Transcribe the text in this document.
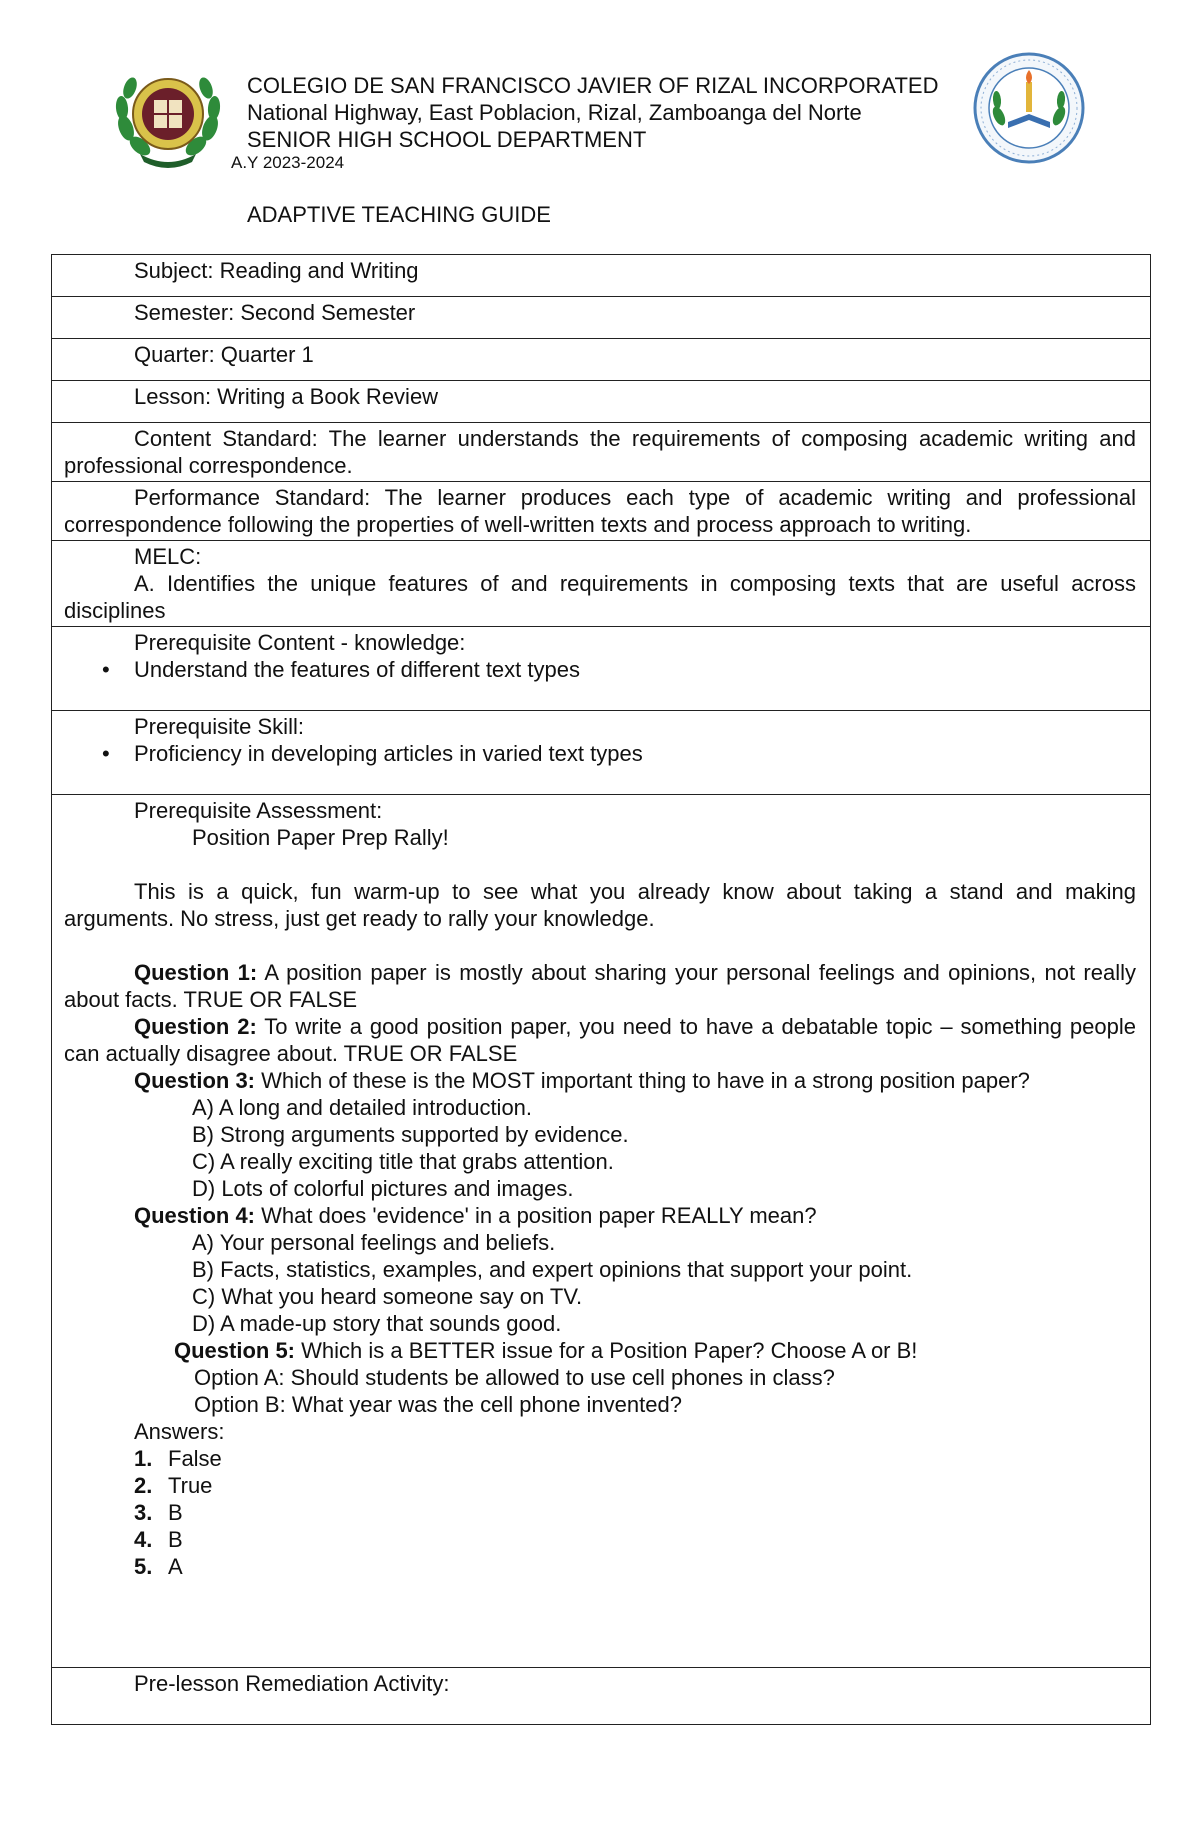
COLEGIO DE SAN FRANCISCO JAVIER OF RIZAL INCORPORATED
National Highway, East Poblacion, Rizal, Zamboanga del Norte
SENIOR HIGH SCHOOL DEPARTMENT
A.Y 2023-2024
ADAPTIVE TEACHING GUIDE
Subject: Reading and Writing

Semester: Second Semester

Quarter: Quarter 1

Lesson: Writing a Book Review

Content Standard: The learner understands the requirements of composing academic writing and professional correspondence.

Performance Standard: The learner produces each type of academic writing and professional correspondence following the properties of well-written texts and process approach to writing.

MELC:
A. Identifies the unique features of and requirements in composing texts that are useful across disciplines

Prerequisite Content - knowledge:
• Understand the features of different text types

Prerequisite Skill:
• Proficiency in developing articles in varied text types

Prerequisite Assessment:
Position Paper Prep Rally!
This is a quick, fun warm-up to see what you already know about taking a stand and making arguments. No stress, just get ready to rally your knowledge.
Question 1: A position paper is mostly about sharing your personal feelings and opinions, not really about facts. TRUE OR FALSE
Question 2: To write a good position paper, you need to have a debatable topic – something people can actually disagree about. TRUE OR FALSE
Question 3: Which of these is the MOST important thing to have in a strong position paper?
A) A long and detailed introduction.
B) Strong arguments supported by evidence.
C) A really exciting title that grabs attention.
D) Lots of colorful pictures and images.
Question 4: What does 'evidence' in a position paper REALLY mean?
A) Your personal feelings and beliefs.
B) Facts, statistics, examples, and expert opinions that support your point.
C) What you heard someone say on TV.
D) A made-up story that sounds good.
Question 5: Which is a BETTER issue for a Position Paper? Choose A or B!
Option A: Should students be allowed to use cell phones in class?
Option B: What year was the cell phone invented?
Answers:
1. False
2. True
3. B
4. B
5. A

Pre-lesson Remediation Activity:
